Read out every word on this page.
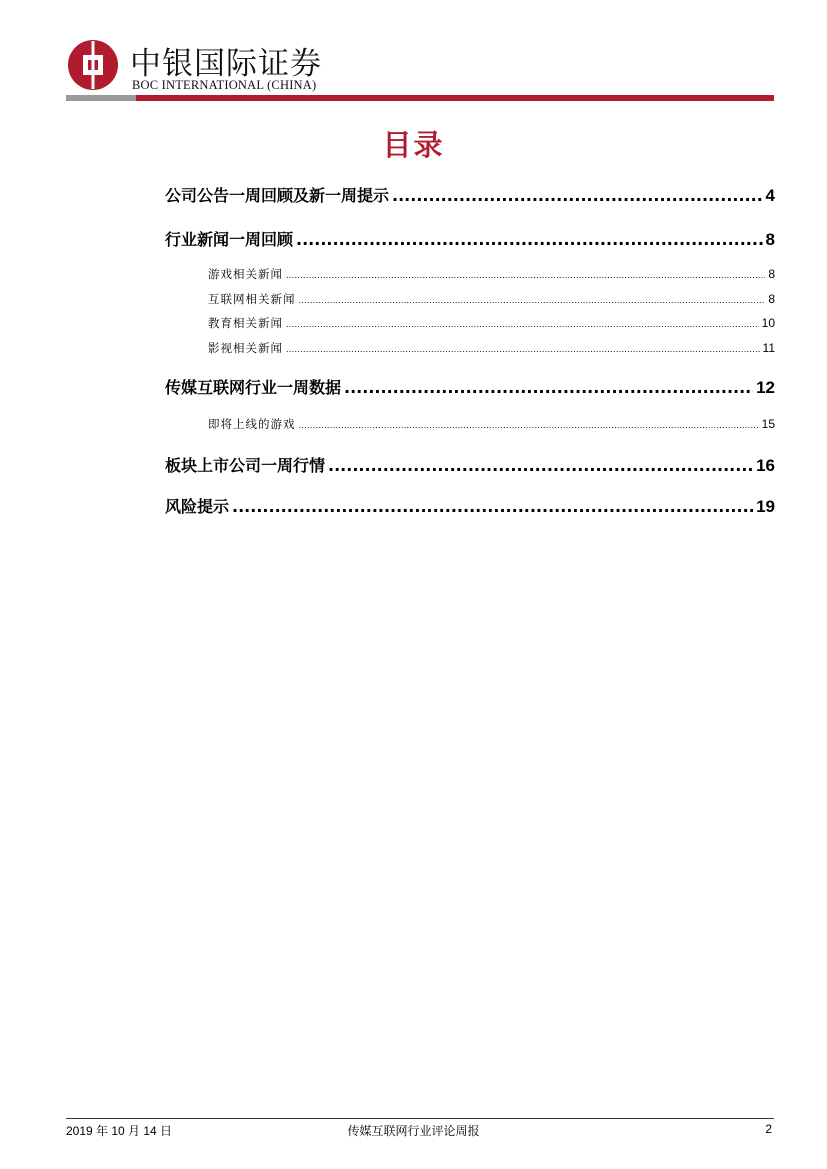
中银国际证券
BOC INTERNATIONAL (CHINA)
目录
公司公告一周回顾及新一周提示 .....	4
行业新闻一周回顾 .....	8
游戏相关新闻 .....	8
互联网相关新闻 .....	8
教育相关新闻 .....	10
影视相关新闻 .....	11
传媒互联网行业一周数据 .....	12
即将上线的游戏 .....	15
板块上市公司一周行情 .....	16
风险提示 .....	19
传媒互联网行业评论周报
2019 年 10 月 14 日	2
